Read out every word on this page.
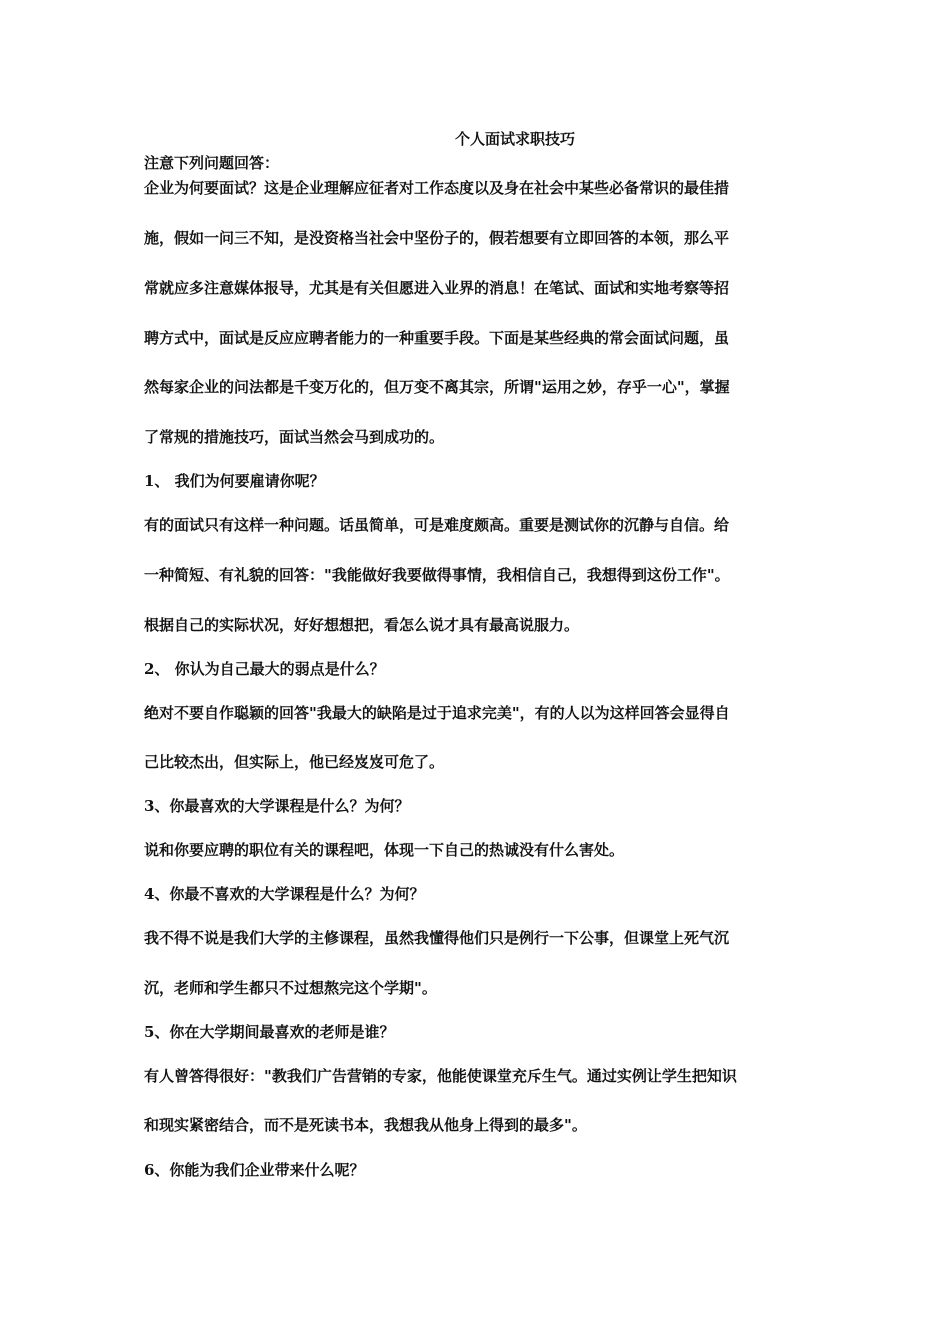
个人面试求职技巧

注意下列问题回答：

企业为何要面试？这是企业理解应征者对工作态度以及身在社会中某些必备常识的最佳措

施，假如一问三不知，是没资格当社会中坚份子的，假若想要有立即回答的本领，那么平

常就应多注意媒体报导，尤其是有关但愿进入业界的消息！在笔试、面试和实地考察等招

聘方式中，面试是反应应聘者能力的一种重要手段。下面是某些经典的常会面试问题，虽

然每家企业的问法都是千变万化的，但万变不离其宗，所谓"运用之妙，存乎一心"，掌握

了常规的措施技巧，面试当然会马到成功的。

1、 我们为何要雇请你呢？

有的面试只有这样一种问题。话虽简单，可是难度颇高。重要是测试你的沉静与自信。给

一种简短、有礼貌的回答："我能做好我要做得事情，我相信自己，我想得到这份工作"。

根据自己的实际状况，好好想想把，看怎么说才具有最高说服力。

2、 你认为自己最大的弱点是什么？

绝对不要自作聪颖的回答"我最大的缺陷是过于追求完美"，有的人以为这样回答会显得自

己比较杰出，但实际上，他已经岌岌可危了。

3、你最喜欢的大学课程是什么？为何？

说和你要应聘的职位有关的课程吧，体现一下自己的热诚没有什么害处。

4、你最不喜欢的大学课程是什么？为何？

我不得不说是我们大学的主修课程，虽然我懂得他们只是例行一下公事，但课堂上死气沉

沉，老师和学生都只不过想熬完这个学期"。

5、你在大学期间最喜欢的老师是谁？

有人曾答得很好："教我们广告营销的专家，他能使课堂充斥生气。通过实例让学生把知识

和现实紧密结合，而不是死读书本，我想我从他身上得到的最多"。

6、你能为我们企业带来什么呢？
